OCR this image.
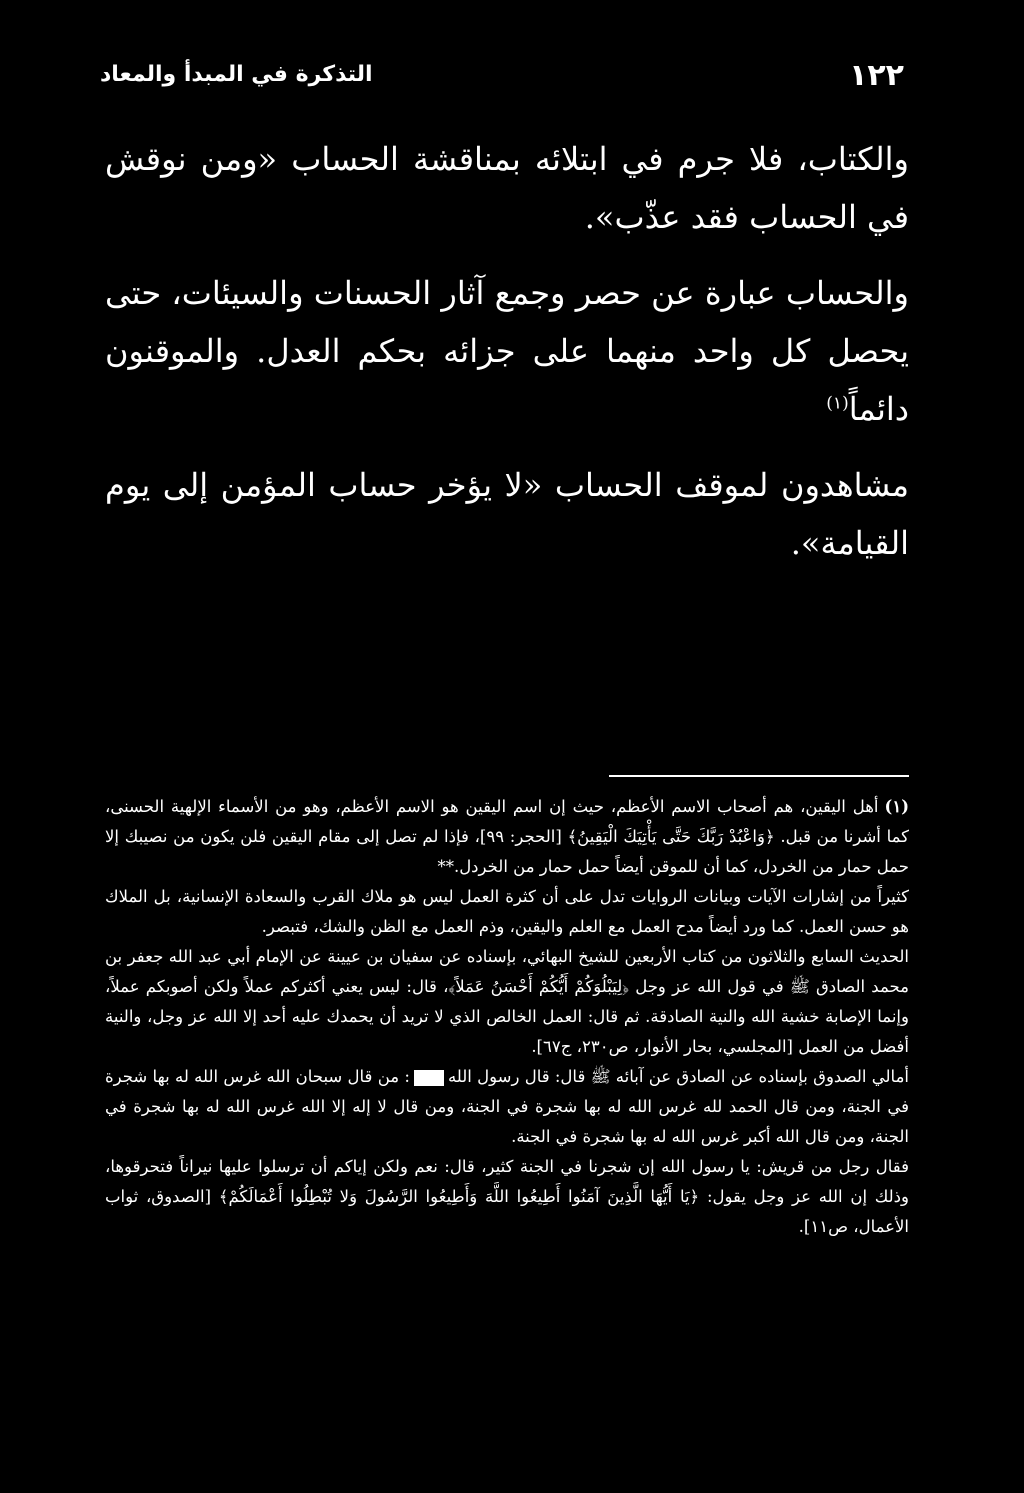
١٢٢
التذكرة في المبدأ والمعاد

والكتاب، فلا جرم في ابتلائه بمناقشة الحساب «ومن نوقش في الحساب فقد عذّب».

والحساب عبارة عن حصر وجمع آثار الحسنات والسيئات، حتى يحصل كل واحد منهما على جزائه بحكم العدل. والموقنون دائماً$^{(١)}$

مشاهدون لموقف الحساب «لا يؤخر حساب المؤمن إلى يوم القيامة».

(١)أهل اليقين، هم أصحاب الاسم الأعظم، حيث إن اسم اليقين هو الاسم الأعظم، وهو من الأسماء الإلهية الحسنى، كما أشرنا من قبل. ﴿وَاعْبُدْ رَبَّكَ حَتَّى يَأْتِيَكَ الْيَقِينُ﴾ [الحجر: ٩٩]، فإذا لم تصل إلى مقام اليقين فلن يكون من نصيبك إلا حمل حمار من الخردل، كما أن للموقن أيضاً حمل حمار من الخردل.**

كثيراً من إشارات الآيات وبيانات الروايات تدل على أن كثرة العمل ليس هو ملاك القرب والسعادة الإنسانية، بل الملاك هو حسن العمل. كما ورد أيضاً مدح العمل مع العلم واليقين، وذم العمل مع الظن والشك، فتبصر.

الحديث السابع والثلاثون من كتاب الأربعين للشيخ البهائي، بإسناده عن سفيان بن عيينة عن الإمام أبي عبد الله جعفر بن محمد الصادق ﷺ في قول الله عز وجل ﴿لِيَبْلُوَكُمْ أَيُّكُمْ أَحْسَنُ عَمَلاً﴾، قال: ليس يعني أكثركم عملاً ولكن أصوبكم عملاً، وإنما الإصابة خشية الله والنية الصادقة. ثم قال: العمل الخالص الذي لا تريد أن يحمدك عليه أحد إلا الله عز وجل، والنية أفضل من العمل [المجلسي، بحار الأنوار، ص٢٣٠، ج٦٧].

أمالي الصدوق بإسناده عن الصادق عن آبائه ﷺ قال: قال رسول الله: من قال سبحان الله غرس الله له بها شجرة في الجنة، ومن قال الحمد لله غرس الله له بها شجرة في الجنة، ومن قال لا إله إلا الله غرس الله له بها شجرة في الجنة، ومن قال الله أكبر غرس الله له بها شجرة في الجنة.

فقال رجل من قريش: يا رسول الله إن شجرنا في الجنة كثير، قال: نعم ولكن إياكم أن ترسلوا عليها نيراناً فتحرقوها، وذلك إن الله عز وجل يقول: ﴿يَا أَيُّهَا الَّذِينَ آمَنُوا أَطِيعُوا اللَّهَ وَأَطِيعُوا الرَّسُولَ وَلا تُبْطِلُوا أَعْمَالَكُمْ﴾ [الصدوق، ثواب الأعمال، ص١١].
